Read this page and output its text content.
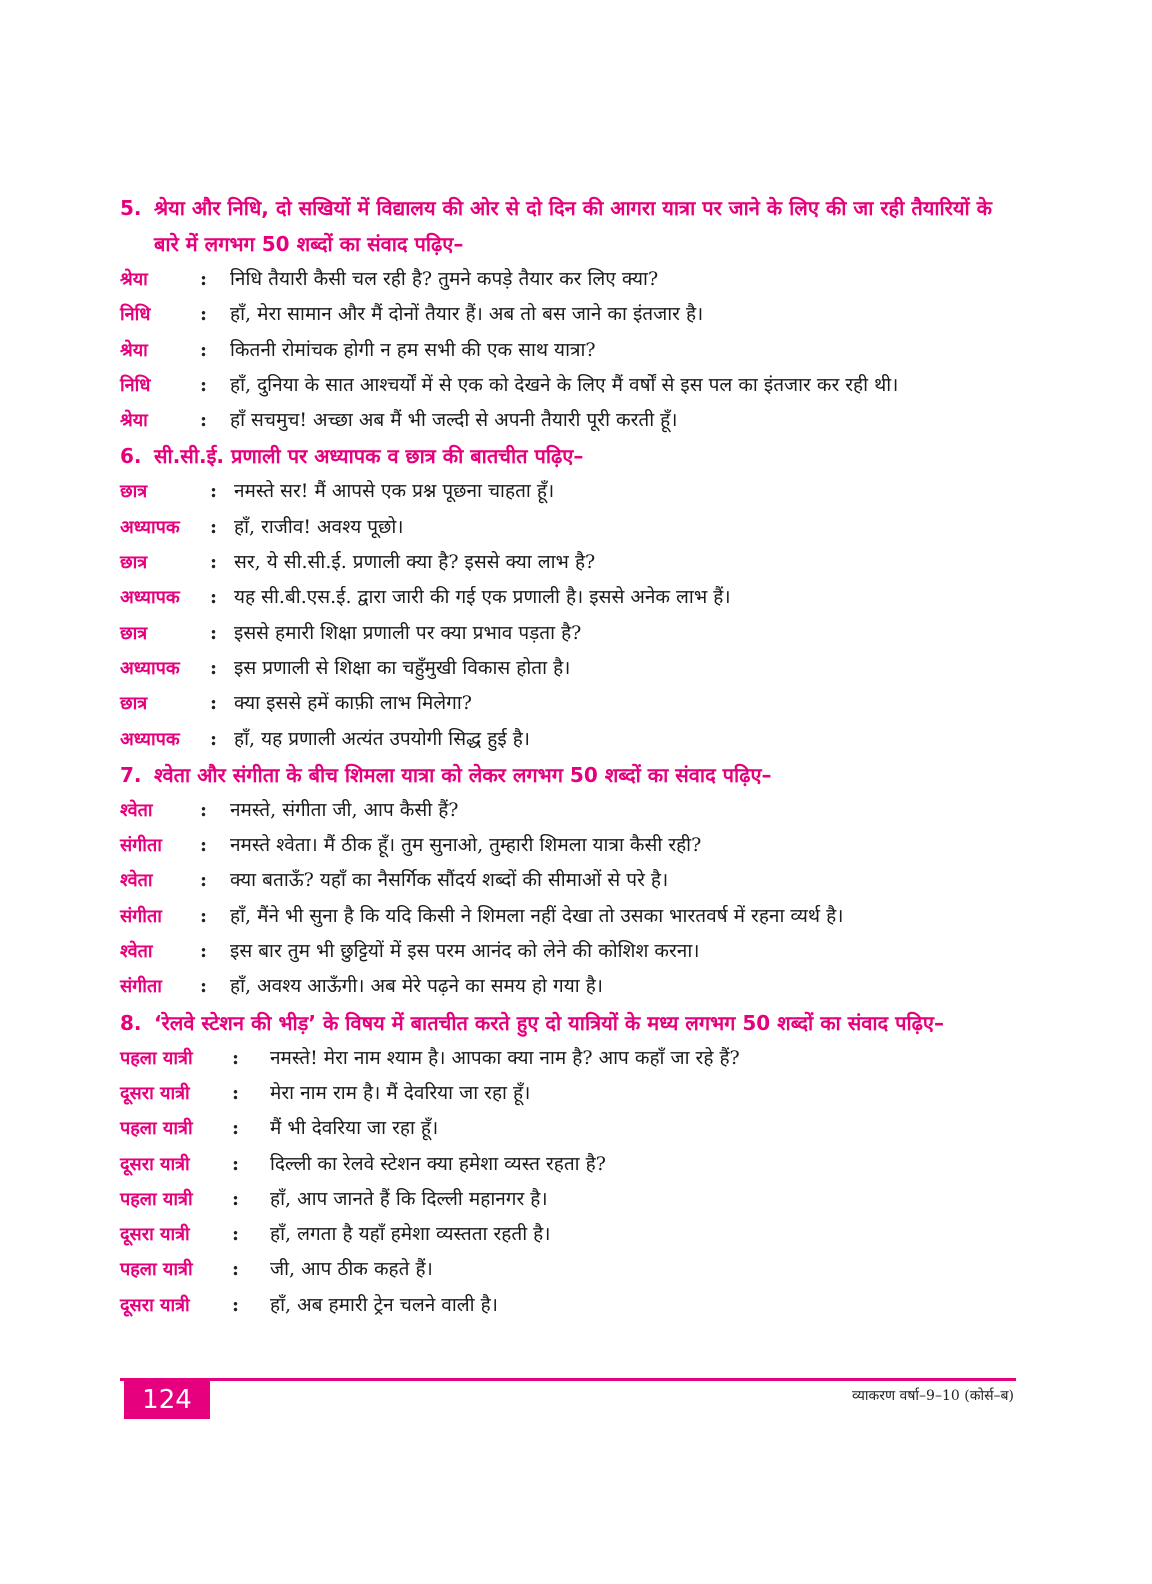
5. श्रेया और निधि, दो सखियों में विद्यालय की ओर से दो दिन की आगरा यात्रा पर जाने के लिए की जा रही तैयारियों के बारे में लगभग 50 शब्दों का संवाद पढ़िए–

श्रेया	:	निधि तैयारी कैसी चल रही है? तुमने कपड़े तैयार कर लिए क्या?
निधि	:	हाँ, मेरा सामान और मैं दोनों तैयार हैं। अब तो बस जाने का इंतजार है।
श्रेया	:	कितनी रोमांचक होगी न हम सभी की एक साथ यात्रा?
निधि	:	हाँ, दुनिया के सात आश्चर्यों में से एक को देखने के लिए मैं वर्षों से इस पल का इंतजार कर रही थी।
श्रेया	:	हाँ सचमुच! अच्छा अब मैं भी जल्दी से अपनी तैयारी पूरी करती हूँ।

6. सी.सी.ई. प्रणाली पर अध्यापक व छात्र की बातचीत पढ़िए–

छात्र	: नमस्ते सर! मैं आपसे एक प्रश्न पूछना चाहता हूँ।
अध्यापक	: हाँ, राजीव! अवश्य पूछो।
छात्र	: सर, ये सी.सी.ई. प्रणाली क्या है? इससे क्या लाभ है?
अध्यापक	: यह सी.बी.एस.ई. द्वारा जारी की गई एक प्रणाली है। इससे अनेक लाभ हैं।
छात्र	: इससे हमारी शिक्षा प्रणाली पर क्या प्रभाव पड़ता है?
अध्यापक	: इस प्रणाली से शिक्षा का चहुँमुखी विकास होता है।
छात्र	: क्या इससे हमें काफ़ी लाभ मिलेगा?
अध्यापक	: हाँ, यह प्रणाली अत्यंत उपयोगी सिद्ध हुई है।

7. श्वेता और संगीता के बीच शिमला यात्रा को लेकर लगभग 50 शब्दों का संवाद पढ़िए–

श्वेता	:	नमस्ते, संगीता जी, आप कैसी हैं?
संगीता	:	नमस्ते श्वेता। मैं ठीक हूँ। तुम सुनाओ, तुम्हारी शिमला यात्रा कैसी रही?
श्वेता	:	क्या बताऊँ? यहाँ का नैसर्गिक सौंदर्य शब्दों की सीमाओं से परे है।
संगीता	:	हाँ, मैंने भी सुना है कि यदि किसी ने शिमला नहीं देखा तो उसका भारतवर्ष में रहना व्यर्थ है।
श्वेता	:	इस बार तुम भी छुट्टियों में इस परम आनंद को लेने की कोशिश करना।
संगीता	:	हाँ, अवश्य आऊँगी। अब मेरे पढ़ने का समय हो गया है।

8. ‘रेलवे स्टेशन की भीड़’ के विषय में बातचीत करते हुए दो यात्रियों के मध्य लगभग 50 शब्दों का संवाद पढ़िए–

पहला यात्री	:	नमस्ते! मेरा नाम श्याम है। आपका क्या नाम है? आप कहाँ जा रहे हैं?
दूसरा यात्री	:	मेरा नाम राम है। मैं देवरिया जा रहा हूँ।
पहला यात्री	:	मैं भी देवरिया जा रहा हूँ।
दूसरा यात्री	:	दिल्ली का रेलवे स्टेशन क्या हमेशा व्यस्त रहता है?
पहला यात्री	:	हाँ, आप जानते हैं कि दिल्ली महानगर है।
दूसरा यात्री	:	हाँ, लगता है यहाँ हमेशा व्यस्तता रहती है।
पहला यात्री	:	जी, आप ठीक कहते हैं।
दूसरा यात्री	:	हाँ, अब हमारी ट्रेन चलने वाली है।
124	व्याकरण वर्षा–9–10 (कोर्स–ब)
